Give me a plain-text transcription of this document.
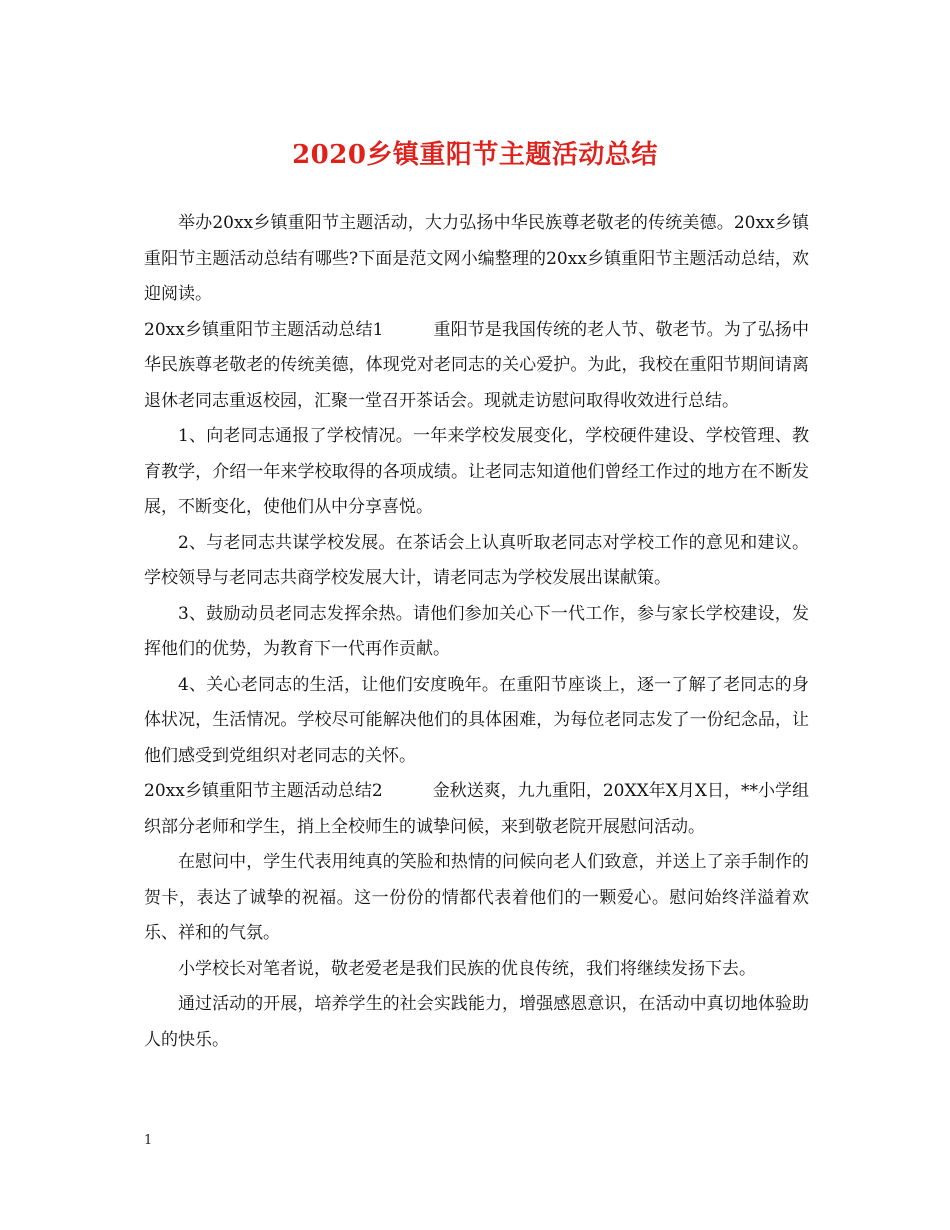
2020乡镇重阳节主题活动总结

举办20xx乡镇重阳节主题活动，大力弘扬中华民族尊老敬老的传统美德。20xx乡镇重阳节主题活动总结有哪些?下面是范文网小编整理的20xx乡镇重阳节主题活动总结，欢迎阅读。

20xx乡镇重阳节主题活动总结1	重阳节是我国传统的老人节、敬老节。为了弘扬中华民族尊老敬老的传统美德，体现党对老同志的关心爱护。为此，我校在重阳节期间请离退休老同志重返校园，汇聚一堂召开茶话会。现就走访慰问取得收效进行总结。

1、向老同志通报了学校情况。一年来学校发展变化，学校硬件建设、学校管理、教育教学，介绍一年来学校取得的各项成绩。让老同志知道他们曾经工作过的地方在不断发展，不断变化，使他们从中分享喜悦。

2、与老同志共谋学校发展。在茶话会上认真听取老同志对学校工作的意见和建议。学校领导与老同志共商学校发展大计，请老同志为学校发展出谋献策。

3、鼓励动员老同志发挥余热。请他们参加关心下一代工作，参与家长学校建设，发挥他们的优势，为教育下一代再作贡献。

4、关心老同志的生活，让他们安度晚年。在重阳节座谈上，逐一了解了老同志的身体状况，生活情况。学校尽可能解决他们的具体困难，为每位老同志发了一份纪念品，让他们感受到党组织对老同志的关怀。

20xx乡镇重阳节主题活动总结2	金秋送爽，九九重阳，20XX年X月X日，**小学组织部分老师和学生，捎上全校师生的诚挚问候，来到敬老院开展慰问活动。

在慰问中，学生代表用纯真的笑脸和热情的问候向老人们致意，并送上了亲手制作的贺卡，表达了诚挚的祝福。这一份份的情都代表着他们的一颗爱心。慰问始终洋溢着欢乐、祥和的气氛。

小学校长对笔者说，敬老爱老是我们民族的优良传统，我们将继续发扬下去。

通过活动的开展，培养学生的社会实践能力，增强感恩意识，在活动中真切地体验助人的快乐。

1
